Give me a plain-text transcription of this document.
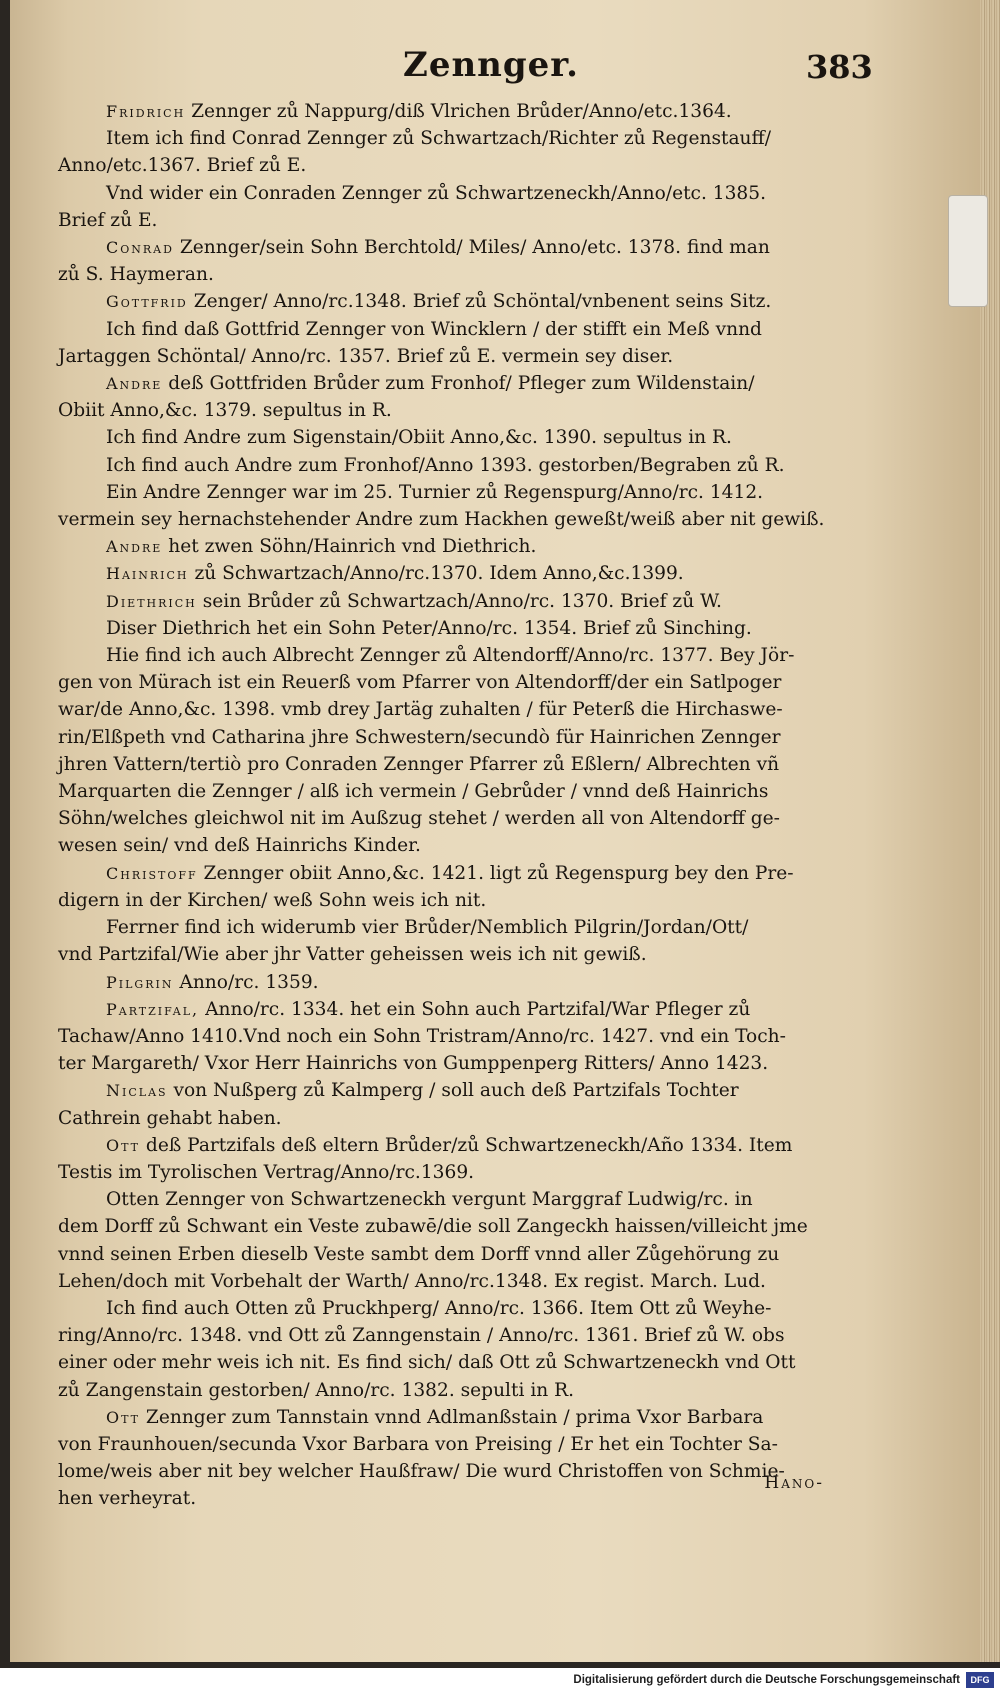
Zennger.	383
Fridrich Zennger zů Nappurg/diß Vlrichen Brůder/Anno/etc.1364.
Item ich find Conrad Zennger zů Schwartzach/Richter zů Regenstauff/
Anno/etc.1367. Brief zů E.
Vnd wider ein Conraden Zennger zů Schwartzeneckh/Anno/etc. 1385.
Brief zů E.
Conrad Zennger/sein Sohn Berchtold/ Miles/ Anno/etc. 1378. find man
zů S. Haymeran.
Gottfrid Zenger/ Anno/rc.1348. Brief zů Schöntal/vnbenent seins Sitz.
Ich find daß Gottfrid Zennger von Wincklern / der stifft ein Meß vnnd
Jartaggen Schöntal/ Anno/rc. 1357. Brief zů E. vermein sey diser.
Andre deß Gottfriden Brůder zum Fronhof/ Pfleger zum Wildenstain/
Obiit Anno,&c. 1379. sepultus in R.
Ich find Andre zum Sigenstain/Obiit Anno,&c. 1390. sepultus in R.
Ich find auch Andre zum Fronhof/Anno 1393. gestorben/Begraben zů R.
Ein Andre Zennger war im 25. Turnier zů Regenspurg/Anno/rc. 1412.
vermein sey hernachstehender Andre zum Hackhen geweßt/weiß aber nit gewiß.
Andre het zwen Söhn/Hainrich vnd Diethrich.
Hainrich zů Schwartzach/Anno/rc.1370. Idem Anno,&c.1399.
Diethrich sein Brůder zů Schwartzach/Anno/rc. 1370. Brief zů W.
Diser Diethrich het ein Sohn Peter/Anno/rc. 1354. Brief zů Sinching.
Hie find ich auch Albrecht Zennger zů Altendorff/Anno/rc. 1377. Bey Jör-
gen von Mürach ist ein Reuerß vom Pfarrer von Altendorff/der ein Satlpoger
war/de Anno,&c. 1398. vmb drey Jartäg zuhalten / für Peterß die Hirchaswe-
rin/Elßpeth vnd Catharina jhre Schwestern/secundò für Hainrichen Zennger
jhren Vattern/tertiò pro Conraden Zennger Pfarrer zů Eßlern/ Albrechten vñ
Marquarten die Zennger / alß ich vermein / Gebrůder / vnnd deß Hainrichs
Söhn/welches gleichwol nit im Außzug stehet / werden all von Altendorff ge-
wesen sein/ vnd deß Hainrichs Kinder.
Christoff Zennger obiit Anno,&c. 1421. ligt zů Regenspurg bey den Pre-
digern in der Kirchen/ weß Sohn weis ich nit.
Ferrner find ich widerumb vier Brůder/Nemblich Pilgrin/Jordan/Ott/
vnd Partzifal/Wie aber jhr Vatter geheissen weis ich nit gewiß.
Pilgrin Anno/rc. 1359.
Partzifal, Anno/rc. 1334. het ein Sohn auch Partzifal/War Pfleger zů
Tachaw/Anno 1410.Vnd noch ein Sohn Tristram/Anno/rc. 1427. vnd ein Toch-
ter Margareth/ Vxor Herr Hainrichs von Gumppenperg Ritters/ Anno 1423.
Niclas von Nußperg zů Kalmperg / soll auch deß Partzifals Tochter
Cathrein gehabt haben.
Ott deß Partzifals deß eltern Brůder/zů Schwartzeneckh/Año 1334. Item
Testis im Tyrolischen Vertrag/Anno/rc.1369.
Otten Zennger von Schwartzeneckh vergunt Marggraf Ludwig/rc. in
dem Dorff zů Schwant ein Veste zubawē/die soll Zangeckh haissen/villeicht jme
vnnd seinen Erben dieselb Veste sambt dem Dorff vnnd aller Zůgehörung zu
Lehen/doch mit Vorbehalt der Warth/ Anno/rc.1348. Ex regist. March. Lud.
Ich find auch Otten zů Pruckhperg/ Anno/rc. 1366. Item Ott zů Weyhe-
ring/Anno/rc. 1348. vnd Ott zů Zanngenstain / Anno/rc. 1361. Brief zů W. obs
einer oder mehr weis ich nit. Es find sich/ daß Ott zů Schwartzeneckh vnd Ott
zů Zangenstain gestorben/ Anno/rc. 1382. sepulti in R.
Ott Zennger zum Tannstain vnnd Adlmanßstain / prima Vxor Barbara
von Fraunhouen/secunda Vxor Barbara von Preising / Er het ein Tochter Sa-
lome/weis aber nit bey welcher Haußfraw/ Die wurd Christoffen von Schmie-
hen verheyrat.
Hano-
Digitalisierung gefördert durch die Deutsche Forschungsgemeinschaft	DFG
